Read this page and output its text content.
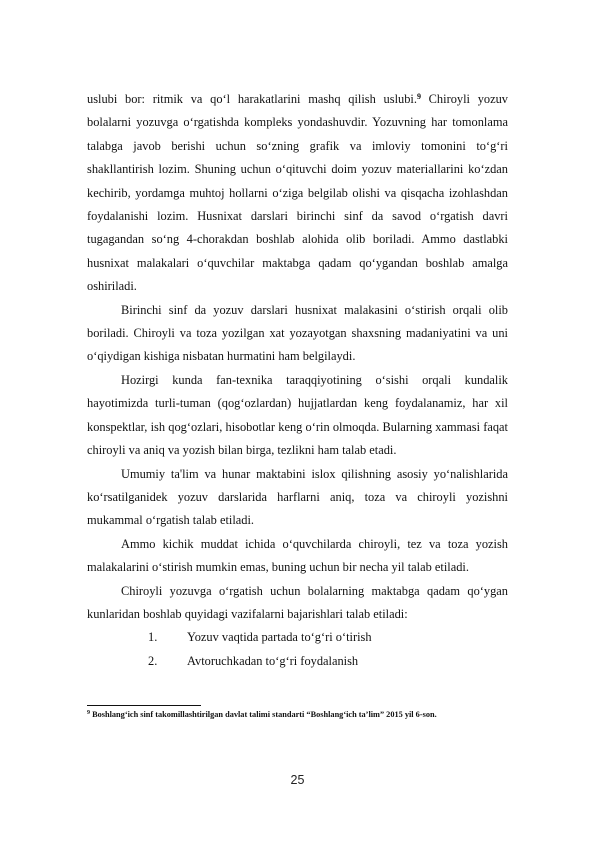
uslubi bor: ritmik va qo‘l harakatlarini mashq qilish uslubi.$^9$ Chiroyli yozuv bolalarni yozuvga o‘rgatishda kompleks yondashuvdir. Yozuvning har tomonlama talabga javob berishi uchun so‘zning grafik va imloviy tomonini to‘g‘ri shakllantirish lozim. Shuning uchun o‘qituvchi doim yozuv materiallarini ko‘zdan kechirib, yordamga muhtoj hollarni o‘ziga belgilab olishi va qisqacha izohlashdan foydalanishi lozim. Husnixat darslari birinchi sinf da savod o‘rgatish davri tugagandan so‘ng 4-chorakdan boshlab alohida olib boriladi. Ammo dastlabki husnixat malakalari o‘quvchilar maktabga qadam qo‘ygandan boshlab amalga oshiriladi.

Birinchi sinf da yozuv darslari husnixat malakasini o‘stirish orqali olib boriladi. Chiroyli va toza yozilgan xat yozayotgan shaxsning madaniyatini va uni o‘qiydigan kishiga nisbatan hurmatini ham belgilaydi.

Hozirgi kunda fan-texnika taraqqiyotining o‘sishi orqali kundalik hayotimizda turli-tuman (qog‘ozlardan) hujjatlardan keng foydalanamiz, har xil konspektlar, ish qog‘ozlari, hisobotlar keng o‘rin olmoqda. Bularning xammasi faqat chiroyli va aniq va yozish bilan birga, tezlikni ham talab etadi.

Umumiy ta'lim va hunar maktabini islox qilishning asosiy yo‘nalishlarida ko‘rsatilganidek yozuv darslarida harflarni aniq, toza va chiroyli yozishni mukammal o‘rgatish talab etiladi.

Ammo kichik muddat ichida o‘quvchilarda chiroyli, tez va toza yozish malakalarini o‘stirish mumkin emas, buning uchun bir necha yil talab etiladi.

Chiroyli yozuvga o‘rgatish uchun bolalarning maktabga qadam qo‘ygan kunlaridan boshlab quyidagi vazifalarni bajarishlari talab etiladi:

1. Yozuv vaqtida partada to‘g‘ri o‘tirish
2. Avtoruchkadan to‘g‘ri foydalanish
$^9$ Boshlang‘ich sinf takomillashtirilgan davlat talimi standarti “Boshlang‘ich ta’lim” 2015 yil 6-son.
25
